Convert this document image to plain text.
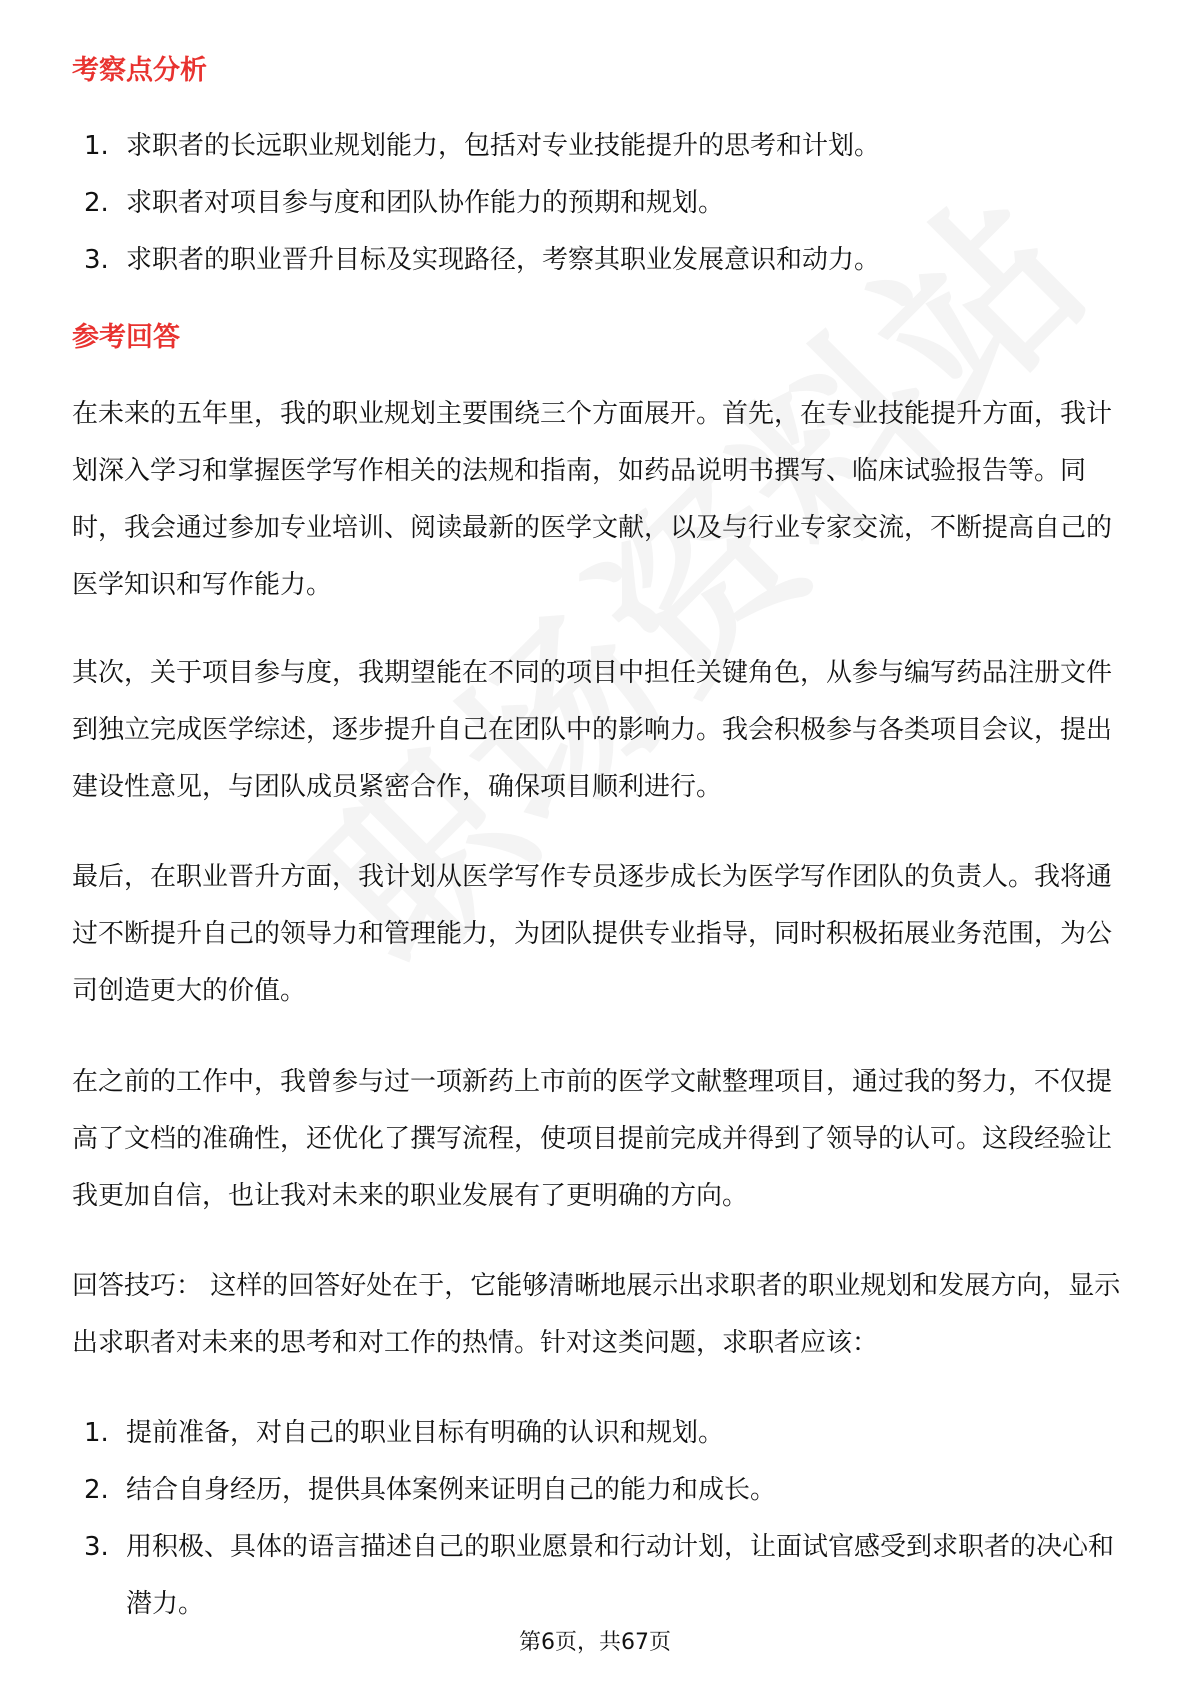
考察点分析
1. 求职者的长远职业规划能力，包括对专业技能提升的思考和计划。
2. 求职者对项目参与度和团队协作能力的预期和规划。
3. 求职者的职业晋升目标及实现路径，考察其职业发展意识和动力。
参考回答

在未来的五年里，我的职业规划主要围绕三个方面展开。首先，在专业技能提升方面，我计划深入学习和掌握医学写作相关的法规和指南，如药品说明书撰写、临床试验报告等。同时，我会通过参加专业培训、阅读最新的医学文献，以及与行业专家交流，不断提高自己的医学知识和写作能力。

其次，关于项目参与度，我期望能在不同的项目中担任关键角色，从参与编写药品注册文件到独立完成医学综述，逐步提升自己在团队中的影响力。我会积极参与各类项目会议，提出建设性意见，与团队成员紧密合作，确保项目顺利进行。

最后，在职业晋升方面，我计划从医学写作专员逐步成长为医学写作团队的负责人。我将通过不断提升自己的领导力和管理能力，为团队提供专业指导，同时积极拓展业务范围，为公司创造更大的价值。

在之前的工作中，我曾参与过一项新药上市前的医学文献整理项目，通过我的努力，不仅提高了文档的准确性，还优化了撰写流程，使项目提前完成并得到了领导的认可。这段经验让我更加自信，也让我对未来的职业发展有了更明确的方向。

回答技巧： 这样的回答好处在于，它能够清晰地展示出求职者的职业规划和发展方向，显示出求职者对未来的思考和对工作的热情。针对这类问题，求职者应该：

1. 提前准备，对自己的职业目标有明确的认识和规划。
2. 结合自身经历，提供具体案例来证明自己的能力和成长。
3. 用积极、具体的语言描述自己的职业愿景和行动计划，让面试官感受到求职者的决心和潜力。
第6页，共67页
